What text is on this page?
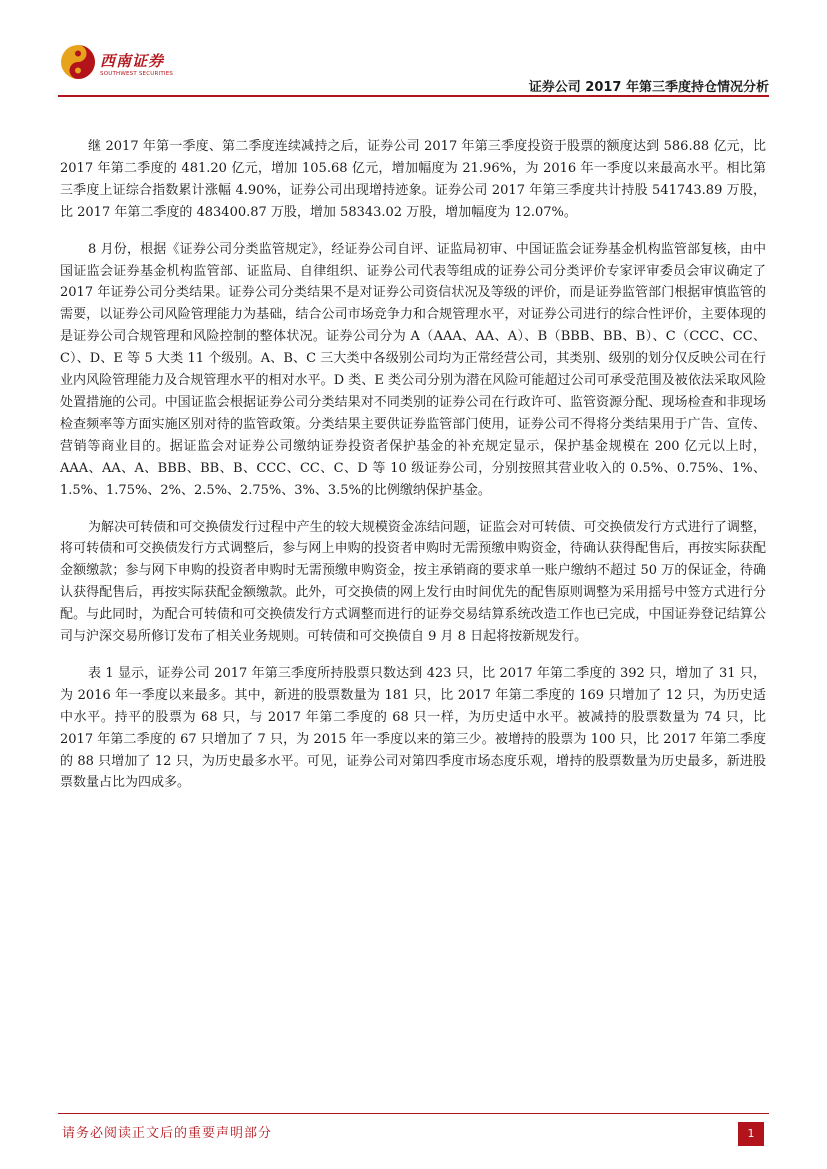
西南证券
SOUTHWEST SECURITIES
证券公司 2017 年第三季度持仓情况分析

继 2017 年第一季度、第二季度连续减持之后，证券公司 2017 年第三季度投资于股票的额度达到 586.88 亿元，比 2017 年第二季度的 481.20 亿元，增加 105.68 亿元，增加幅度为 21.96%，为 2016 年一季度以来最高水平。相比第三季度上证综合指数累计涨幅 4.90%，证券公司出现增持迹象。证券公司 2017 年第三季度共计持股 541743.89 万股，比 2017 年第二季度的 483400.87 万股，增加 58343.02 万股，增加幅度为 12.07%。

8 月份，根据《证券公司分类监管规定》，经证券公司自评、证监局初审、中国证监会证券基金机构监管部复核，由中国证监会证券基金机构监管部、证监局、自律组织、证券公司代表等组成的证券公司分类评价专家评审委员会审议确定了 2017 年证券公司分类结果。证券公司分类结果不是对证券公司资信状况及等级的评价，而是证券监管部门根据审慎监管的需要，以证券公司风险管理能力为基础，结合公司市场竞争力和合规管理水平，对证券公司进行的综合性评价，主要体现的是证券公司合规管理和风险控制的整体状况。证券公司分为 A（AAA、AA、A）、B（BBB、BB、B）、C（CCC、CC、C）、D、E 等 5 大类 11 个级别。A、B、C 三大类中各级别公司均为正常经营公司，其类别、级别的划分仅反映公司在行业内风险管理能力及合规管理水平的相对水平。D 类、E 类公司分别为潜在风险可能超过公司可承受范围及被依法采取风险处置措施的公司。中国证监会根据证券公司分类结果对不同类别的证券公司在行政许可、监管资源分配、现场检查和非现场检查频率等方面实施区别对待的监管政策。分类结果主要供证券监管部门使用，证券公司不得将分类结果用于广告、宣传、营销等商业目的。据证监会对证券公司缴纳证券投资者保护基金的补充规定显示，保护基金规模在 200 亿元以上时，AAA、AA、A、BBB、BB、B、CCC、CC、C、D 等 10 级证券公司，分别按照其营业收入的 0.5%、0.75%、1%、1.5%、1.75%、2%、2.5%、2.75%、3%、3.5%的比例缴纳保护基金。

为解决可转债和可交换债发行过程中产生的较大规模资金冻结问题，证监会对可转债、可交换债发行方式进行了调整，将可转债和可交换债发行方式调整后，参与网上申购的投资者申购时无需预缴申购资金，待确认获得配售后，再按实际获配金额缴款；参与网下申购的投资者申购时无需预缴申购资金，按主承销商的要求单一账户缴纳不超过 50 万的保证金，待确认获得配售后，再按实际获配金额缴款。此外，可交换债的网上发行由时间优先的配售原则调整为采用摇号中签方式进行分配。与此同时，为配合可转债和可交换债发行方式调整而进行的证券交易结算系统改造工作也已完成，中国证券登记结算公司与沪深交易所修订发布了相关业务规则。可转债和可交换债自 9 月 8 日起将按新规发行。

表 1 显示，证券公司 2017 年第三季度所持股票只数达到 423 只，比 2017 年第二季度的 392 只，增加了 31 只，为 2016 年一季度以来最多。其中，新进的股票数量为 181 只，比 2017 年第二季度的 169 只增加了 12 只，为历史适中水平。持平的股票为 68 只，与 2017 年第二季度的 68 只一样，为历史适中水平。被减持的股票数量为 74 只，比 2017 年第二季度的 67 只增加了 7 只，为 2015 年一季度以来的第三少。被增持的股票为 100 只，比 2017 年第二季度的 88 只增加了 12 只，为历史最多水平。可见，证券公司对第四季度市场态度乐观，增持的股票数量为历史最多，新进股票数量占比为四成多。

请务必阅读正文后的重要声明部分	1
